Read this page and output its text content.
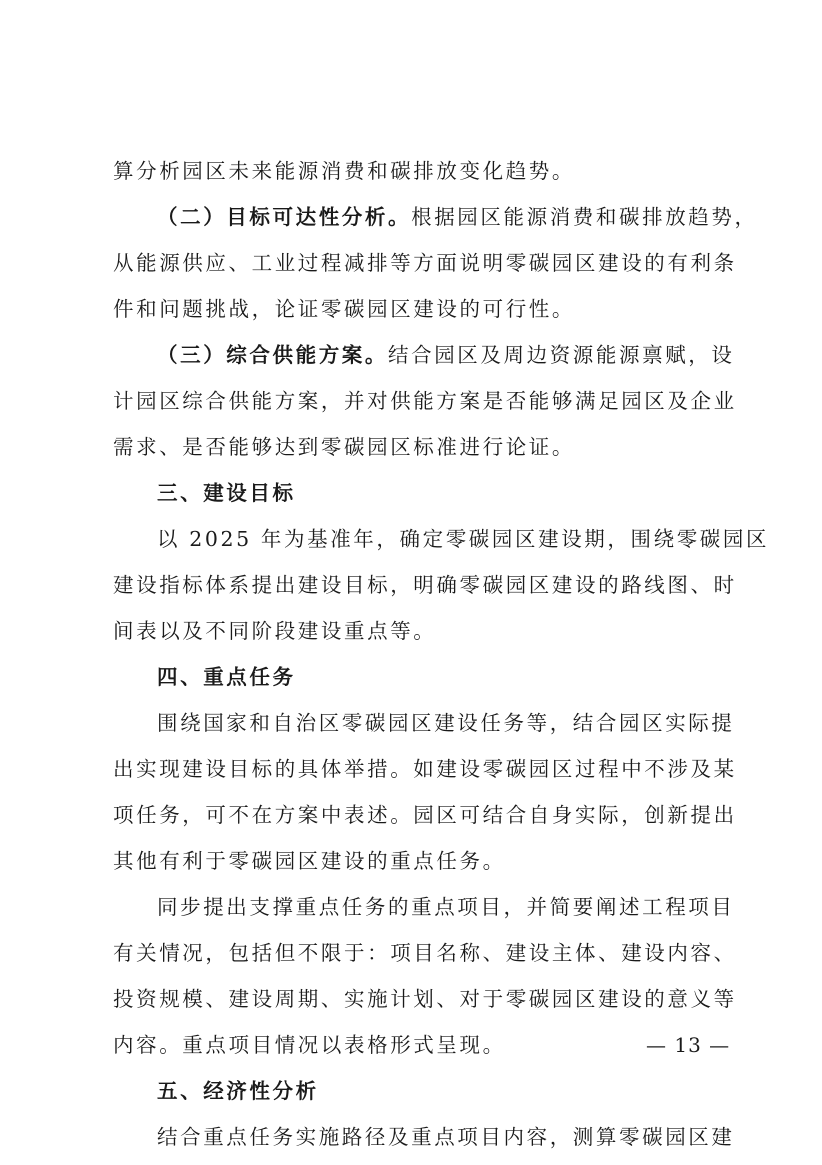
算分析园区未来能源消费和碳排放变化趋势。
（二）目标可达性分析。根据园区能源消费和碳排放趋势，
从能源供应、工业过程减排等方面说明零碳园区建设的有利条
件和问题挑战，论证零碳园区建设的可行性。
（三）综合供能方案。结合园区及周边资源能源禀赋，设
计园区综合供能方案，并对供能方案是否能够满足园区及企业
需求、是否能够达到零碳园区标准进行论证。
三、建设目标
以 2025 年为基准年，确定零碳园区建设期，围绕零碳园区
建设指标体系提出建设目标，明确零碳园区建设的路线图、时
间表以及不同阶段建设重点等。
四、重点任务
围绕国家和自治区零碳园区建设任务等，结合园区实际提
出实现建设目标的具体举措。如建设零碳园区过程中不涉及某
项任务，可不在方案中表述。园区可结合自身实际，创新提出
其他有利于零碳园区建设的重点任务。
同步提出支撑重点任务的重点项目，并简要阐述工程项目
有关情况，包括但不限于：项目名称、建设主体、建设内容、
投资规模、建设周期、实施计划、对于零碳园区建设的意义等
内容。重点项目情况以表格形式呈现。
五、经济性分析
结合重点任务实施路径及重点项目内容，测算零碳园区建
— 13 —
